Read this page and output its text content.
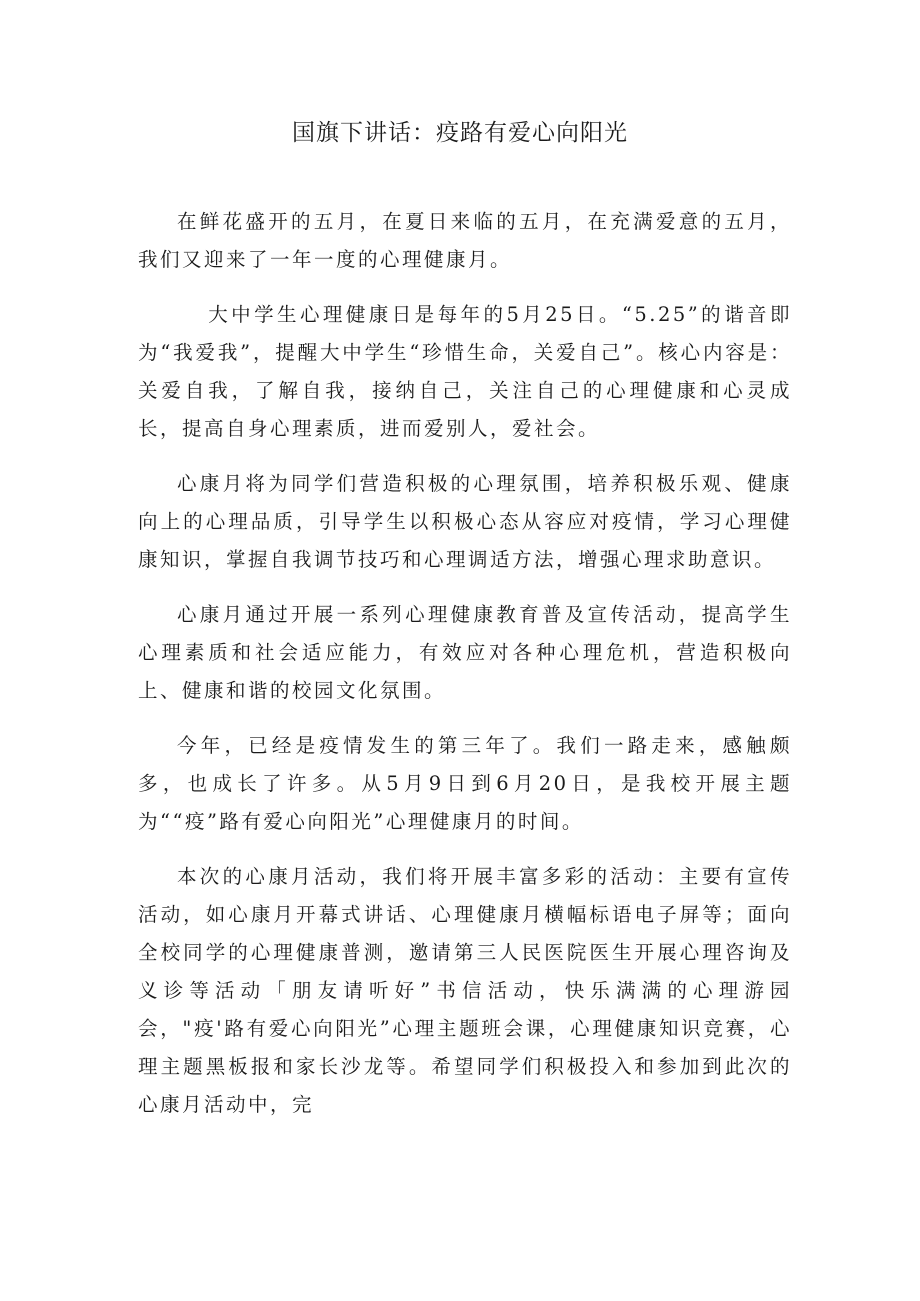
国旗下讲话：疫路有爱心向阳光

在鲜花盛开的五月，在夏日来临的五月，在充满爱意的五月，我们又迎来了一年一度的心理健康月。

大中学生心理健康日是每年的5月25日。“5.25”的谐音即为“我爱我”，提醒大中学生“珍惜生命，关爱自己”。核心内容是：关爱自我，了解自我，接纳自己，关注自己的心理健康和心灵成长，提高自身心理素质，进而爱别人，爱社会。

心康月将为同学们营造积极的心理氛围，培养积极乐观、健康向上的心理品质，引导学生以积极心态从容应对疫情，学习心理健康知识，掌握自我调节技巧和心理调适方法，增强心理求助意识。

心康月通过开展一系列心理健康教育普及宣传活动，提高学生心理素质和社会适应能力，有效应对各种心理危机，营造积极向上、健康和谐的校园文化氛围。

今年，已经是疫情发生的第三年了。我们一路走来，感触颇多，也成长了许多。从5月9日到6月20日，是我校开展主题为““疫”路有爱心向阳光”心理健康月的时间。

本次的心康月活动，我们将开展丰富多彩的活动：主要有宣传活动，如心康月开幕式讲话、心理健康月横幅标语电子屏等；面向全校同学的心理健康普测，邀请第三人民医院医生开展心理咨询及义诊等活动「朋友请听好”书信活动，快乐满满的心理游园会，"疫'路有爱心向阳光”心理主题班会课，心理健康知识竞赛，心理主题黑板报和家长沙龙等。希望同学们积极投入和参加到此次的心康月活动中，完
